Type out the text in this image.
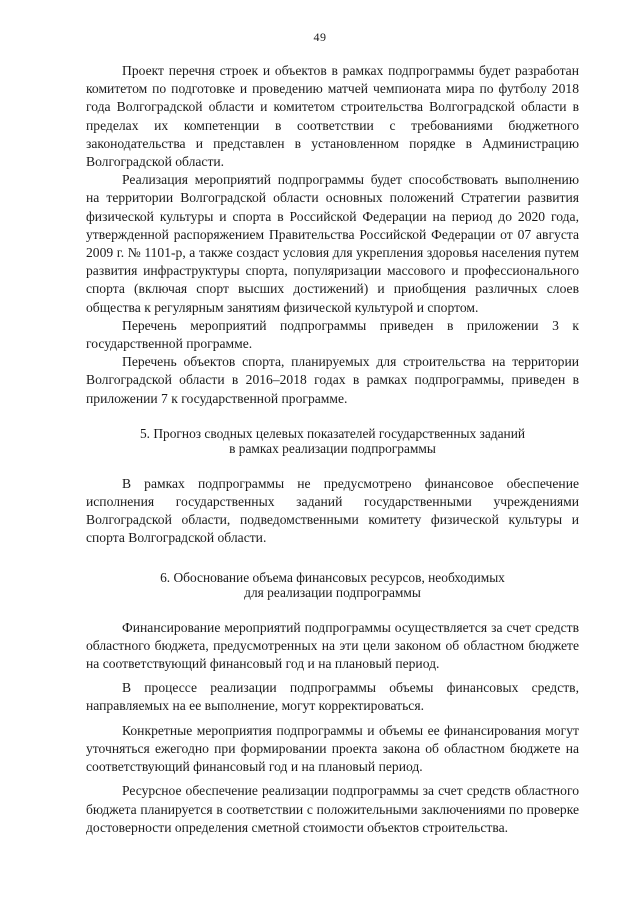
49

Проект перечня строек и объектов в рамках подпрограммы будет разработан комитетом по подготовке и проведению матчей чемпионата мира по футболу 2018 года Волгоградской области и комитетом строительства Волгоградской области в пределах их компетенции в соответствии с требованиями бюджетного законодательства и представлен в установленном порядке в Администрацию Волгоградской области.

Реализация мероприятий подпрограммы будет способствовать выполнению на территории Волгоградской области основных положений Стратегии развития физической культуры и спорта в Российской Федерации на период до 2020 года, утвержденной распоряжением Правительства Российской Федерации от 07 августа 2009 г. № 1101-р, а также создаст условия для укрепления здоровья населения путем развития инфраструктуры спорта, популяризации массового и профессионального спорта (включая спорт высших достижений) и приобщения различных слоев общества к регулярным занятиям физической культурой и спортом.

Перечень мероприятий подпрограммы приведен в приложении 3 к государственной программе.

Перечень объектов спорта, планируемых для строительства на территории Волгоградской области в 2016–2018 годах в рамках подпрограммы, приведен в приложении 7 к государственной программе.

5. Прогноз сводных целевых показателей государственных заданий
в рамках реализации подпрограммы

В рамках подпрограммы не предусмотрено финансовое обеспечение исполнения государственных заданий государственными учреждениями Волгоградской области, подведомственными комитету физической культуры и спорта Волгоградской области.

6. Обоснование объема финансовых ресурсов, необходимых
для реализации подпрограммы

Финансирование мероприятий подпрограммы осуществляется за счет средств областного бюджета, предусмотренных на эти цели законом об областном бюджете на соответствующий финансовый год и на плановый период.

В процессе реализации подпрограммы объемы финансовых средств, направляемых на ее выполнение, могут корректироваться.

Конкретные мероприятия подпрограммы и объемы ее финансирования могут уточняться ежегодно при формировании проекта закона об областном бюджете на соответствующий финансовый год и на плановый период.

Ресурсное обеспечение реализации подпрограммы за счет средств областного бюджета планируется в соответствии с положительными заключениями по проверке достоверности определения сметной стоимости объектов строительства.
